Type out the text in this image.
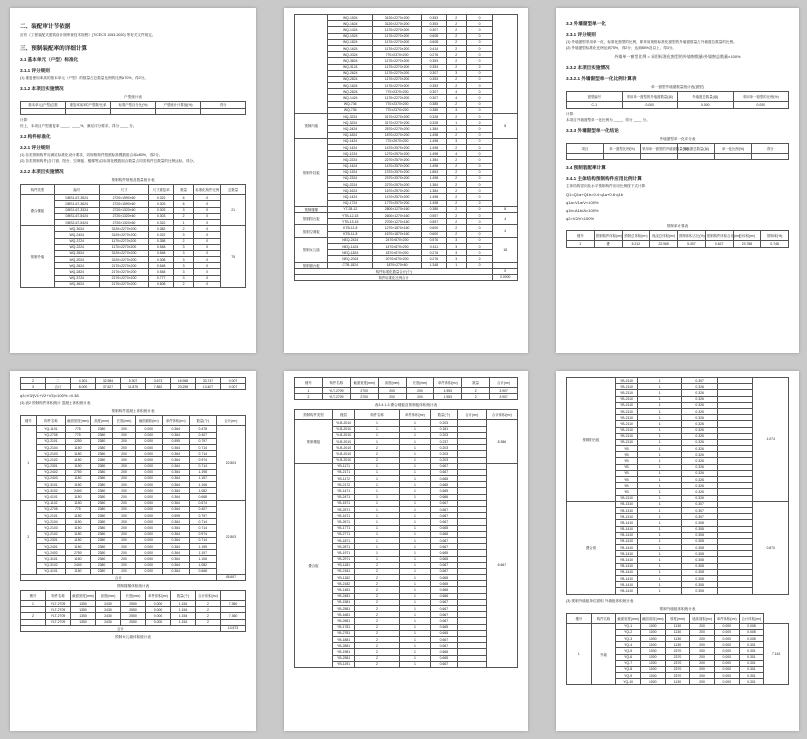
二、装配审计节依据
应有《工程装配式建筑设计图审查技术规程》(T/CECS 1053-2020) 等有关文件规定。
三、预制装配率的详细计算
3.1 基本单元（户型）标准化
3.1.1 评分规则
(1) 重复使用率高的基本单元（户型）的数量占总数量比例的比例≥70%，得2分。
3.1.2 本项目实施情况
户型统计表
基本单元(户型)总数	重复率前3的户型数/比率	标准户型百分比(%)	户型统计计算值(%)	得分

计算：
综上，本项目户型重复率 ____，____%，满足评分要求，得分 ____ 分。
3.2 构件标准化
3.2.1 评分规则
(1) 各类预制构件应满足标准化设计要求，同规格构件按照标准模数组合率≥80%，得2分。
(2) 各类预制构件(含门窗、阳台、空调板、楼梯等)以标准化模数组合数量占同类构件总数量的比例达标，得分。
3.2.2 本项目实施情况
预制构件规格及数量统计表
构件类型	编号	尺寸	尺寸重复率	数量	标准化构件比例	总数量
叠合楼板	DBS1-67-3524	2720×1990×60	0.322	6	0	21
	DBS1-67-3624	2720×1590×60	0.303	6	0	
	DBS1-67-3324	2720×1320×60	0.303	3	0	
	DBS1-67-5424	2720×1320×60	0.303	2	0	
	DBS2-67-5424	2720×1320×60	0.322	1	0	
预制外墙	WQ-3024	3120×2270×200	0.382	2	0	75
	WQ-2424	3120×2270×200	0.322	3	0	
	WQ-3724	1170×2270×200	0.358	2	0	
	WQ-2224	1170×2270×200	0.548	3	0	
	WQ-3524	3120×2270×200	0.548	3	0	
	WQ-2024	3120×2270×200	0.308	3	0	
	WQ-2624	2170×2270×200	0.548	3	0	
	WQ-2824	2170×2270×200	0.548	3	0	
	WQ-3724	2170×2270×200	0.777	3	0	
	WQ-3624	2170×2270×200	0.608	2	0	
	WQ-1924	3120×2270×200	0.353	2	0	
	WQ-1624	3120×2270×200	0.353	2	0	
	WQ-1424	1170×2270×200	0.307	2	0	
	WQ-1924	1170×2270×200	0.608	2	0	
	WQ-1824	1170×2270×200	0.608	2	0	
	WQ-1624	1170×2270×200	0.414	2	0	
	WQ-3324	770×2370×200	0.276	2	0	
	WQ-3824	1170×2270×200	0.353	2	0	
	WQ-3124	1170×2270×200	0.353	2	0	
	WQ-2624	1170×2270×200	0.307	3	0	
	WQ-2824	1170×2270×200	0.353	2	0	
	WQ-1624	1170×2270×200	0.353	2	0	
	WQ-2624	770×2370×200	0.307	4	0	
	WQ-1424	1170×2270×200	0.307	4	0	
	WQ-736	770×2370×200	0.385	2	0	
	WQ-736	770×2370×200	0.385	3	0	
预制内墙	NQ-3224	3170×2270×200	0.328	2	0	8
	NQ-3224	3170×2270×200	0.328	1	0	
	NQ-2424	2570×2270×200	1.384	1	0	
	NQ-1824	1870×2270×200	1.498	2	0	
预制外挂板	NQ-1424	770×2570×200	1.498	3	0	
	NQ-1424	1470×2570×200	1.498	2	0	
	NQ-1224	1270×2570×200	1.498	4	0	
	NQ-2224	2270×2570×200	1.384	2	0	
	NQ-1424	1470×2570×200	1.498	2	0	
	NQ-1324	1370×2570×200	1.863	2	0	
	NQ-2324	2370×2570×200	1.498	2	0	
	NQ-2224	2270×2570×200	1.384	2	0	
	NQ-1624	1670×2570×200	1.384	2	0	
	NQ-1424	1470×2570×200	1.498	2	0	
	NQ-1724	1770×2570×200	1.498	2	0	
预制楼梯	YT-28-12	2800×1270×160	0.385	2	0	8
预制阳台板	YTB-12-15	2600×1270×160	0.557	2	0	4
	YTB-13-15	2700×1270×160	0.557	2	0	
预制空调板	KTB-11-8	1270×1870×160	0.600	2	0	4
	KTB-11-8	1670×1870×160	0.600	2	0	
预制女儿墙	NEQ-2424	2470×870×200	0.576	3	0	18
	NEQ-1424	1470×870×200	0.411	3	0	
	NEQ-1824	1870×870×200	0.276	3	0	
	NEQ-2024	2070×870×200	0.276	3	0	
预制窗台板	CTB-1824	1870×270×60	1.348	1	0	
构件标准化数量合计(个)						0
构件标准化比例合计						0.0000
3.3 外墙窗型单一化
3.3.1 评分规则
(1) 外墙窗型采用单一化、标准化窗型的比例，即采用规格标准化窗型的外墙窗数量占外墙窗总数量的比例。
(2) 外墙窗型标准化比例达到75%，得2分；达到85%及以上，得3分。
外墙单一窗型比例 = 采用标准化窗型的外墙窗数量/外墙窗总数量×100%
3.3.2 本项目实施情况
3.3.2.1 外墙窗型单一化比例计算表
单一窗型外墙窗数量统计表(窗型)
窗型编号	采用单一窗型的外墙窗数量(扇)	外墙窗总数量(扇)	采用单一窗型的比例(%)
C-1	0.000	0.000	0.000
计算：
本项目外墙窗型单一化比例为 ____，得分 ____ 分。
3.3.3 外墙窗型单一化结论
外墙窗型单一化评分表
项目	单一窗型比例(%)	采用单一窗型的外墙窗数量(扇)	外墙窗总数量(扇)	单一化比例(%)	得分

3.4 预制装配率计算
3.4.1 主体结构预制构件应用比例计算
主体结构竖向及水平预制构件应用比例按下式计算：
Q1=Q1a+Q1b=0.4·q1a+0.6·q1b
q1a=V1a/V×100%
q1b=A1b/A×100%
q2=V2/V×100%
预制率计算表
楼号	预制构件体积(m³)	预制总体积(m³)	现浇总体积(m³)	预制体积占比(%)	预制构件体积合计(m³)	总体积(m³)	预制率(%)
1	叠	5.212	22.965	5.307	0.627	23.788	0.748
2	二	4.301	32.984	5.307	3.673	16.968	33.747	0.007
3	合计	8.000	37.627	11.875	7.862	23.298	13.407	0.007
q3=V3/(V1+V2+V3)×100% =0.38
(3) 表2 预制构件体积统计 混凝土体积统计表
预制构件混凝土体积统计表
楼号	构件名称	截面宽度(mm)	高度(mm)	长度(mm)	截面面积(m²)	单件体积(m³)	数量(个)	合计(m³)
1	YQ-1101	775	2380	200	0.000	0.364	0.478	22.803
	YQ-2705	775	2380	200	0.000	0.364	0.407	
	YQ-2101	1250	2380	200	0.000	0.595	0.797	
	YQ-2104	1150	2380	200	0.000	0.364	0.714	
	YQ-2103	1150	2380	200	0.000	0.364	0.714	
	YQ-2102	1150	2380	200	0.000	0.364	0.974	
	YQ-2301	1150	2380	200	0.000	0.364	0.714	
	YQ-2402	2750	2380	200	0.000	0.364	1.195	
	YQ-2403	1150	2380	200	0.000	0.364	1.197	
	YQ-3101	1150	2380	200	0.000	0.364	1.106	
	YQ-3102	2400	2380	200	0.000	0.364	1.082	
	YQ-4101	1150	2380	200	0.000	0.364	0.668	
2	YQ-1102	1150	2380	200	0.000	0.364	0.674	22.803
	YQ-2705	775	2380	200	0.000	0.364	0.407	
	YQ-2101	1150	2380	200	0.000	0.595	0.797	
	YQ-2104	1150	2380	200	0.000	0.364	0.714	
	YQ-2103	1150	2380	200	0.000	0.364	0.714	
	YQ-2102	1150	2380	200	0.000	0.364	0.974	
	YQ-2301	1150	2380	200	0.000	0.364	0.714	
	YQ-2401	1150	2380	200	0.000	0.364	1.195	
	YQ-2402	2750	2380	200	0.000	0.364	1.197	
	YQ-3101	1150	2380	200	0.000	0.364	1.106	
	YQ-3102	2400	2380	200	0.000	0.364	1.082	
	YQ-4101	1150	2380	200	0.000	0.364	0.668	
合计								45.607
预制楼梯体积统计表
楼号	构件名称	截面宽度(mm)	高度(mm)	长度(mm)	单件体积(m³)	数量(个)	合计体积(m³)	
1	YLT-2709	1350	2430	2550	0.000	1.154	2	7.360
	YLT-2709	1350	2430	2550	0.000	1.154	2	
2	YLT-2709	1350	2430	2550	0.000	1.154	2	7.360
	YLT-2709	1350	2430	2550	0.000	1.154	2	
合计								14.573
预制女儿墙体积统计表
楼号	构件名称	截面宽度(mm)	高度(mm)	长度(mm)	单件体积(m³)	数量	合计(m³)
1	YLT-2709	2700	200	200	1.953	2	3.907
2	YLT-2709	2700	200	200	1.953	2	3.907
表3.4.1-3 叠合楼板及预制板体积统计表
预制构件类型	楼层	构件名称	单件体积(m³)	数量(个)	合计(m³)	合计体积(m³)
预制楼板	YLB-2010	1	1	0.203		8.386
	YLB-2010	1	1	0.181		
	YLB-2010	1	1	0.203		
	YLB-2010	1	1	0.237		
	YLB-2010	2	1	0.203		
	YLB-2010	2	1	0.203		
	YLB-2010	2	1	0.203		
叠合板	YB-1171	1	1	0.667		6.667
	YB-2171	1	1	0.667		
	YB-1172	1	1	0.665		
	YB-2172	1	1	0.665		
	YB-1471	1	1	0.665		
	YB-2471	1	1	0.666		
	YB-1571	1	1	0.667		
	YB-2571	1	1	0.667		
	YB-1671	1	1	0.667		
	YB-2671	1	1	0.667		
	YB-1771	1	1	0.665		
	YB-2771	1	1	0.665		
	YB-1871	1	1	0.667		
	YB-2871	1	1	0.667		
	YB-1971	1	1	0.665		
	YB-2971	1	1	0.665		
	YB-1181	2	1	0.667		
	YB-2181	2	1	0.667		
	YB-1182	2	1	0.665		
	YB-2182	2	1	0.665		
	YB-1481	2	1	0.665		
	YB-2481	2	1	0.666		
	YB-1581	2	1	0.667		
	YB-2581	2	1	0.667		
	YB-1681	2	1	0.667		
	YB-2681	2	1	0.667		
	YB-1781	2	1	0.665		
	YB-2781	2	1	0.665		
	YB-1881	2	1	0.667		
	YB-2881	2	1	0.667		
	YB-1981	2	1	0.665		
	YB-2981	2	1	0.665		
	YB-1191	2	1	0.667		
预制阳台板	YB-2110	1	0.307		1.074
	YB-2110	1	0.326		
	YB-2110	1	0.326		
	YB-2110	1	0.326		
	YB-2110	1	0.326		
	YB-2110	1	0.326		
	YB-2110	1	0.326		
	YB-2110	1	0.326		
	YB-2110	1	0.326		
	YB-2110	1	0.326		
	YB-2110	1	0.326		
	YB	1	0.326		
	YB	1	0.326		
	YB	1	0.326		
	YB	1	0.326		
	YB	1	0.326		
	YB	1	0.326		
	YB	1	0.326		
	YB	1	0.326		
	YB-2110	1	0.326		
叠合梁	YB-1310	1	0.307		0.870
	YB-1310	1	0.307		
	YB-1310	1	0.307		
	YB-1410	1	0.308		
	YB-1410	1	0.308		
	YB-1410	1	0.308		
	YB-1410	1	0.308		
	YB-1410	1	0.308		
	YB-1410	1	0.308		
	YB-1410	1	0.308		
	YB-1410	1	0.308		
	YB-1410	1	0.308		
	YB-1410	1	0.308		
	YB-1410	1	0.308		
	YB-1410	1	0.308		
(3) 预制外墙板单位面积 外墙板体积统计表
预制外墙板体积统计表
楼号	构件名称	截面宽度(mm)	截面高度(mm)	厚度(mm)	墙体面积(m²)	单件体积(m³)	合计体积(m³)	
1	外墙	YQ-1	1000	1130	200	0.000	0.008	7.161
		YQ-2	1000	1130	200	0.000	0.008	
		YQ-3	1000	1130	200	0.000	0.008	
		YQ-4	1000	1130	200	0.000	0.301	
		YQ-5	1000	2370	200	0.000	0.301	
		YQ-6	1000	2370	200	0.000	0.301	
		YQ-7	1000	2370	200	0.000	0.301	
		YQ-8	1000	2370	200	0.000	0.301	
		YQ-9	1000	2370	200	0.000	0.301	
		YQ-10	1000	1130	200	0.000	0.301	
